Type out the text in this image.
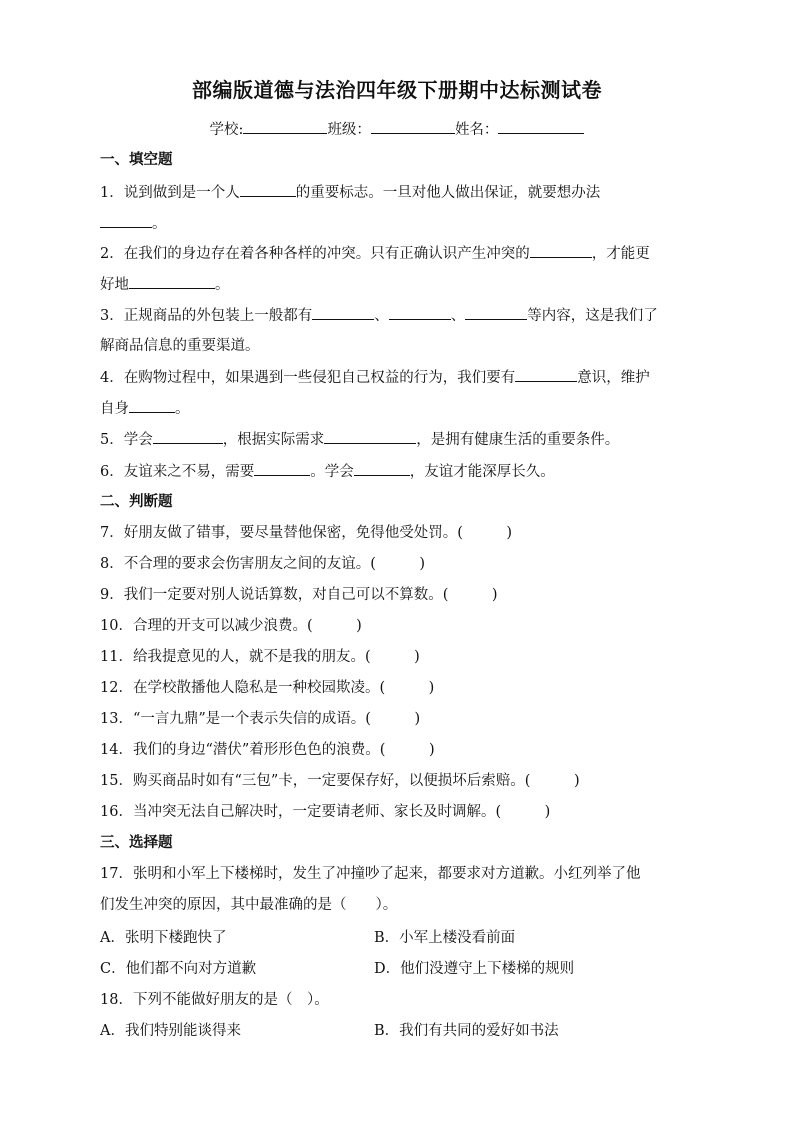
部编版道德与法治四年级下册期中达标测试卷
学校:	班级：	姓名：
一、填空题
1．说到做到是一个人	的重要标志。一旦对他人做出保证，就要想办法
。
2．在我们的身边存在着各种各样的冲突。只有正确认识产生冲突的	，才能更
好地	。
3．正规商品的外包装上一般都有	、	、	等内容，这是我们了
解商品信息的重要渠道。
4．在购物过程中，如果遇到一些侵犯自己权益的行为，我们要有	意识，维护
自身	。
5．学会	，根据实际需求	，是拥有健康生活的重要条件。
6．友谊来之不易，需要	。学会	，友谊才能深厚长久。
二、判断题
7．好朋友做了错事，要尽量替他保密，免得他受处罚。(　　　	)
8．不合理的要求会伤害朋友之间的友谊。(　　　	)
9．我们一定要对别人说话算数，对自己可以不算数。(　　　	)
10．合理的开支可以减少浪费。(　　　	)
11．给我提意见的人，就不是我的朋友。(　　　	)
12．在学校散播他人隐私是一种校园欺凌。(　　　	)
13．“一言九鼎”是一个表示失信的成语。(　　　	)
14．我们的身边“潜伏”着形形色色的浪费。(　　　	)
15．购买商品时如有“三包”卡，一定要保存好，以便损坏后索赔。(　　　	)
16．当冲突无法自己解决时，一定要请老师、家长及时调解。(　　　	)
三、选择题
17．张明和小军上下楼梯时，发生了冲撞吵了起来，都要求对方道歉。小红列举了他
们发生冲突的原因，其中最准确的是（　　）。
A．张明下楼跑快了	B．小军上楼没看前面
C．他们都不向对方道歉	D．他们没遵守上下楼梯的规则
18．下列不能做好朋友的是（　）。
A．我们特别能谈得来	B．我们有共同的爱好如书法
